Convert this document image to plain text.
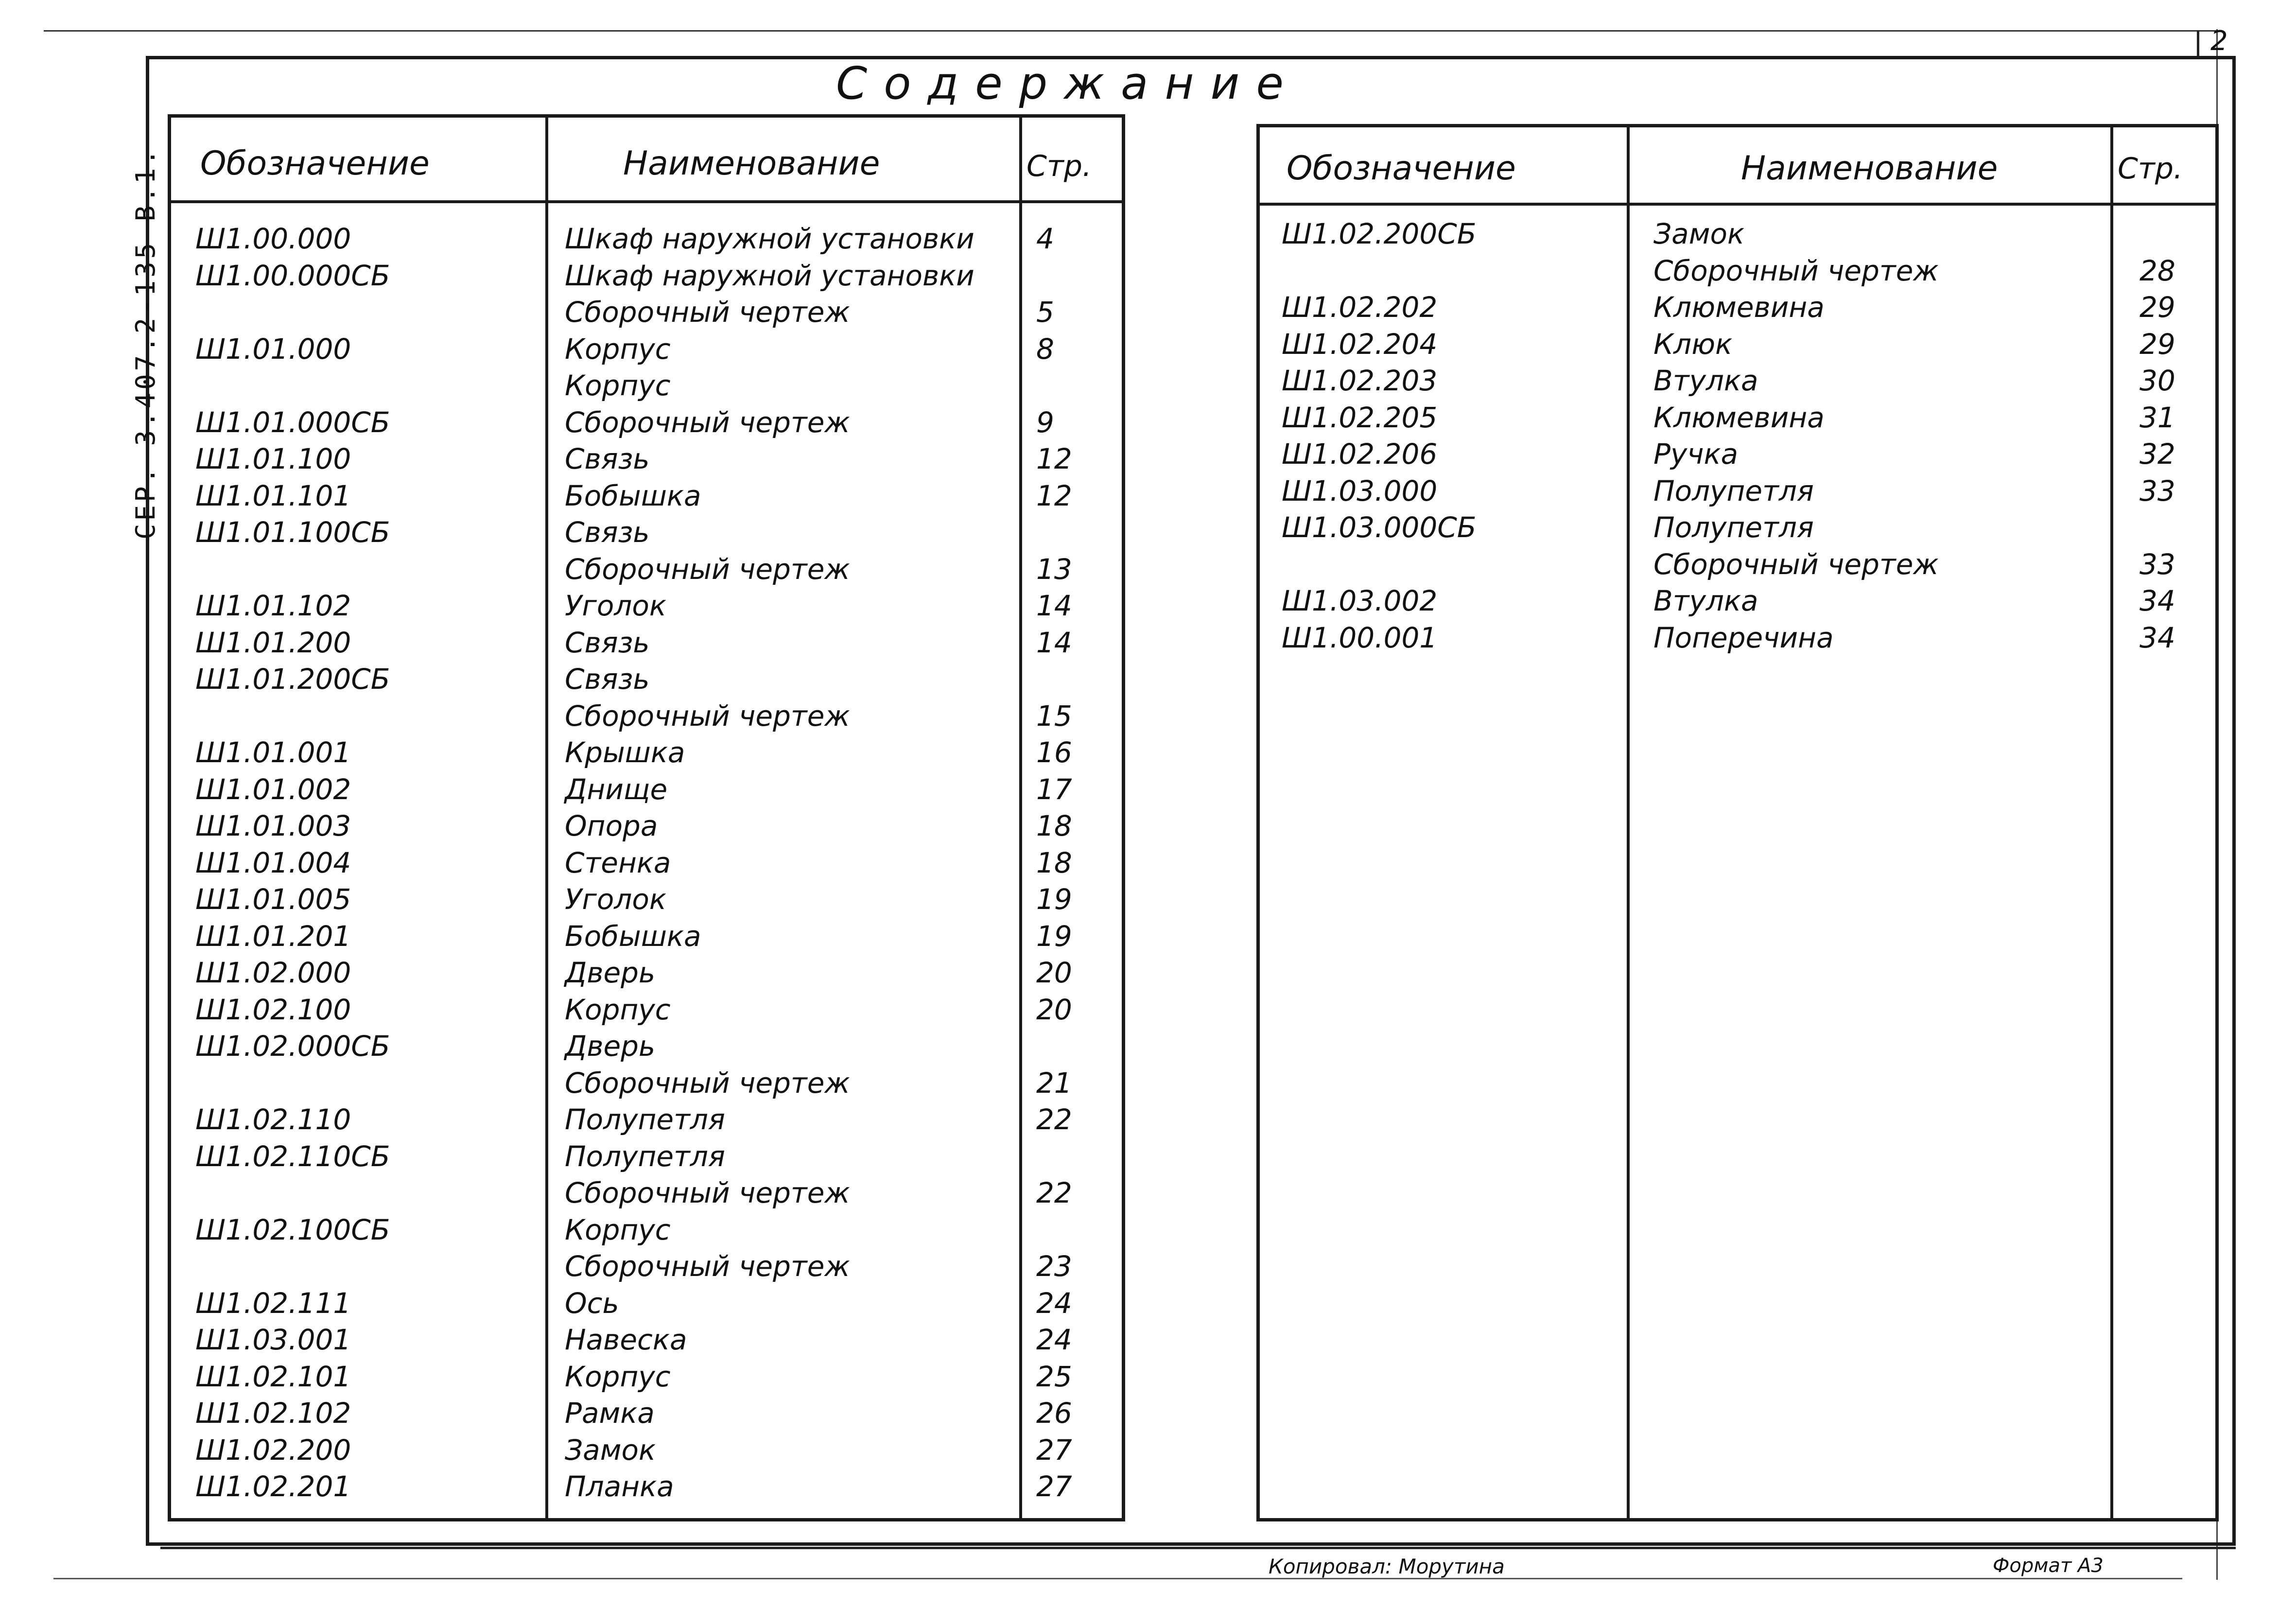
2
СЕР. 3.407.2-135 В.1.
Содержание
Обозначение	Наименование	Стр.
Ш1.00.000	Шкаф наружной установки 4
Ш1.00.000СБ	Шкаф наружной установки
Сборочный чертеж	5
Ш1.01.000	Корпус	8
Корпус
Ш1.01.000СБ	Сборочный чертеж	9
Ш1.01.100	Связь	12
Ш1.01.101	Бобышка	12
Ш1.01.100СБ	Связь
Сборочный чертеж	13
Ш1.01.102	Уголок	14
Ш1.01.200	Связь	14
Ш1.01.200СБ	Связь
Сборочный чертеж	15
Ш1.01.001	Крышка	16
Ш1.01.002	Днище	17
Ш1.01.003	Опора	18
Ш1.01.004	Стенка	18
Ш1.01.005	Уголок	19
Ш1.01.201	Бобышка	19
Ш1.02.000	Дверь	20
Ш1.02.100	Корпус	20
Ш1.02.000СБ	Дверь
Сборочный чертеж	21
Ш1.02.110	Полупетля	22
Ш1.02.110СБ	Полупетля
Сборочный чертеж	22
Ш1.02.100СБ	Корпус
Сборочный чертеж	23
Ш1.02.111	Ось	24
Ш1.03.001	Навеска	24
Ш1.02.101	Корпус	25
Ш1.02.102	Рамка	26
Ш1.02.200	Замок	27
Ш1.02.201	Планка	27
Обозначение	Наименование	Стр.
Ш1.02.200СБ	Замок
Сборочный чертеж	28
Ш1.02.202	Клюмевина	29
Ш1.02.204	Клюк	29
Ш1.02.203	Втулка	30
Ш1.02.205	Клюмевина	31
Ш1.02.206	Ручка	32
Ш1.03.000	Полупетля	33
Ш1.03.000СБ	Полупетля
Сборочный чертеж	33
Ш1.03.002	Втулка	34
Ш1.00.001	Поперечина	34
Копировал: Морутина	Формат А3
